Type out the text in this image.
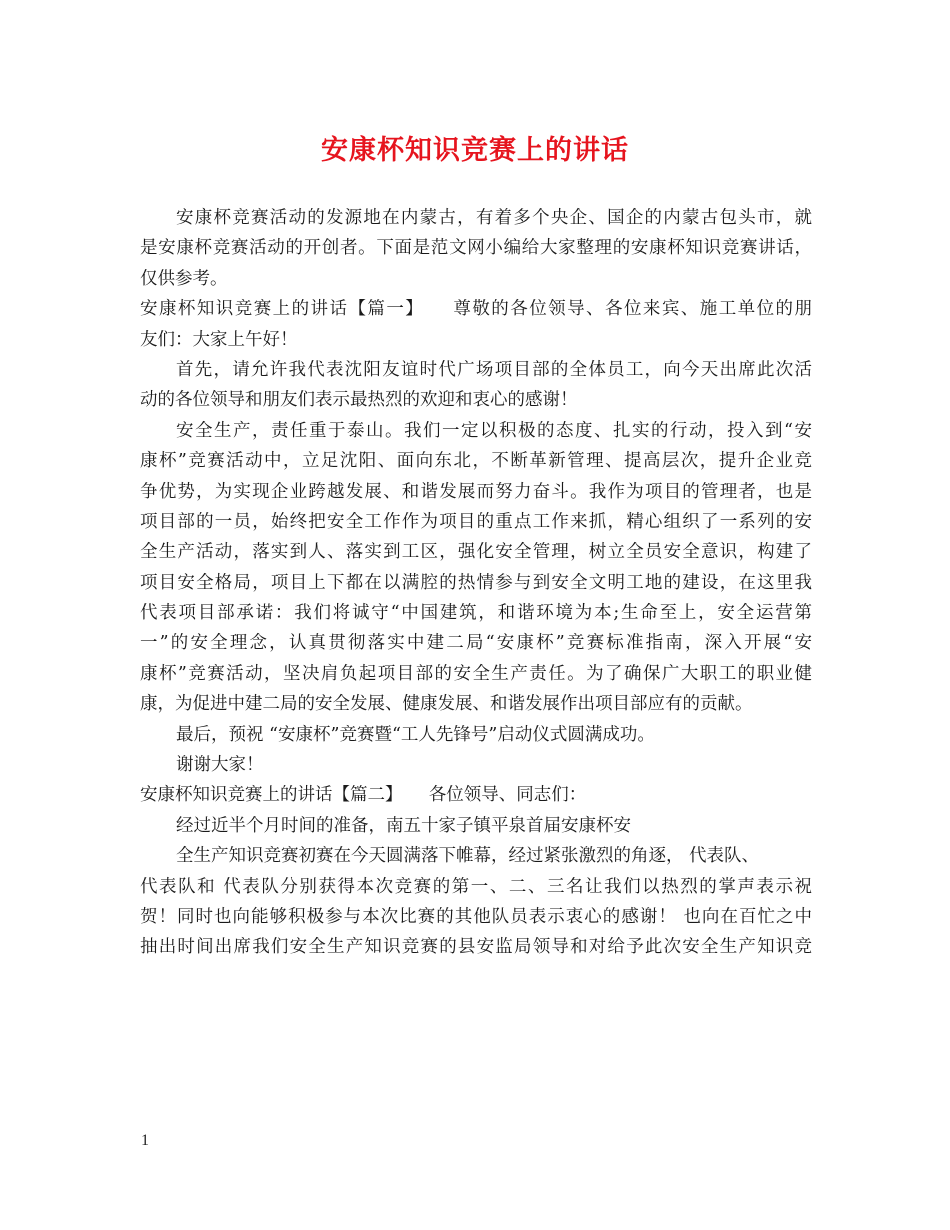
安康杯知识竞赛上的讲话
安康杯竞赛活动的发源地在内蒙古，有着多个央企、国企的内蒙古包头市，就
是安康杯竞赛活动的开创者。下面是范文网小编给大家整理的安康杯知识竞赛讲话，
仅供参考。
安康杯知识竞赛上的讲话【篇一】　　尊敬的各位领导、各位来宾、施工单位的朋
友们：大家上午好！
首先，请允许我代表沈阳友谊时代广场项目部的全体员工，向今天出席此次活
动的各位领导和朋友们表示最热烈的欢迎和衷心的感谢！
安全生产，责任重于泰山。我们一定以积极的态度、扎实的行动，投入到“安
康杯”竞赛活动中，立足沈阳、面向东北，不断革新管理、提高层次，提升企业竞
争优势，为实现企业跨越发展、和谐发展而努力奋斗。我作为项目的管理者，也是
项目部的一员，始终把安全工作作为项目的重点工作来抓，精心组织了一系列的安
全生产活动，落实到人、落实到工区，强化安全管理，树立全员安全意识，构建了
项目安全格局，项目上下都在以满腔的热情参与到安全文明工地的建设，在这里我
代表项目部承诺：我们将诚守“中国建筑，和谐环境为本;生命至上，安全运营第
一”的安全理念，认真贯彻落实中建二局“安康杯”竞赛标准指南，深入开展“安
康杯”竞赛活动，坚决肩负起项目部的安全生产责任。为了确保广大职工的职业健
康，为促进中建二局的安全发展、健康发展、和谐发展作出项目部应有的贡献。
最后，预祝 “安康杯”竞赛暨“工人先锋号”启动仪式圆满成功。
谢谢大家！
安康杯知识竞赛上的讲话【篇二】　　各位领导、同志们：
经过近半个月时间的准备，南五十家子镇平泉首届安康杯安
全生产知识竞赛初赛在今天圆满落下帷幕，经过紧张激烈的角逐， 代表队、
代表队和 代表队分别获得本次竞赛的第一、二、三名让我们以热烈的掌声表示祝
贺！同时也向能够积极参与本次比赛的其他队员表示衷心的感谢！ 也向在百忙之中
抽出时间出席我们安全生产知识竞赛的县安监局领导和对给予此次安全生产知识竞
1
